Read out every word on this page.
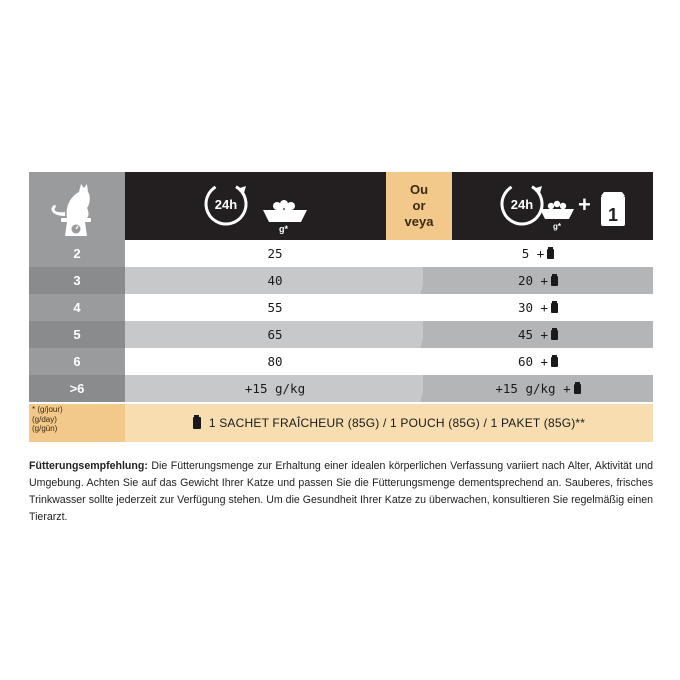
24h
g*
Ou
or
veya
24h
g*
+ 1
2	25	5 +
3	40	20 +
4	55	30 +
5	65	45 +
6	80	60 +
>6	+15 g/kg	+15 g/kg +
* (g/jour)
(g/day)
(g/gün)	1 SACHET FRAÎCHEUR (85G) / 1 POUCH (85G) / 1 PAKET (85G)**
Fütterungsempfehlung: Die Fütterungsmenge zur Erhaltung einer idealen körperlichen Verfassung variiert nach Alter, Aktivität und Umgebung. Achten Sie auf das Gewicht Ihrer Katze und passen Sie die Fütterungsmenge dementsprechend an. Sauberes, frisches Trinkwasser sollte jederzeit zur Verfügung stehen. Um die Gesundheit Ihrer Katze zu überwachen, konsultieren Sie regelmäßig einen Tierarzt.
